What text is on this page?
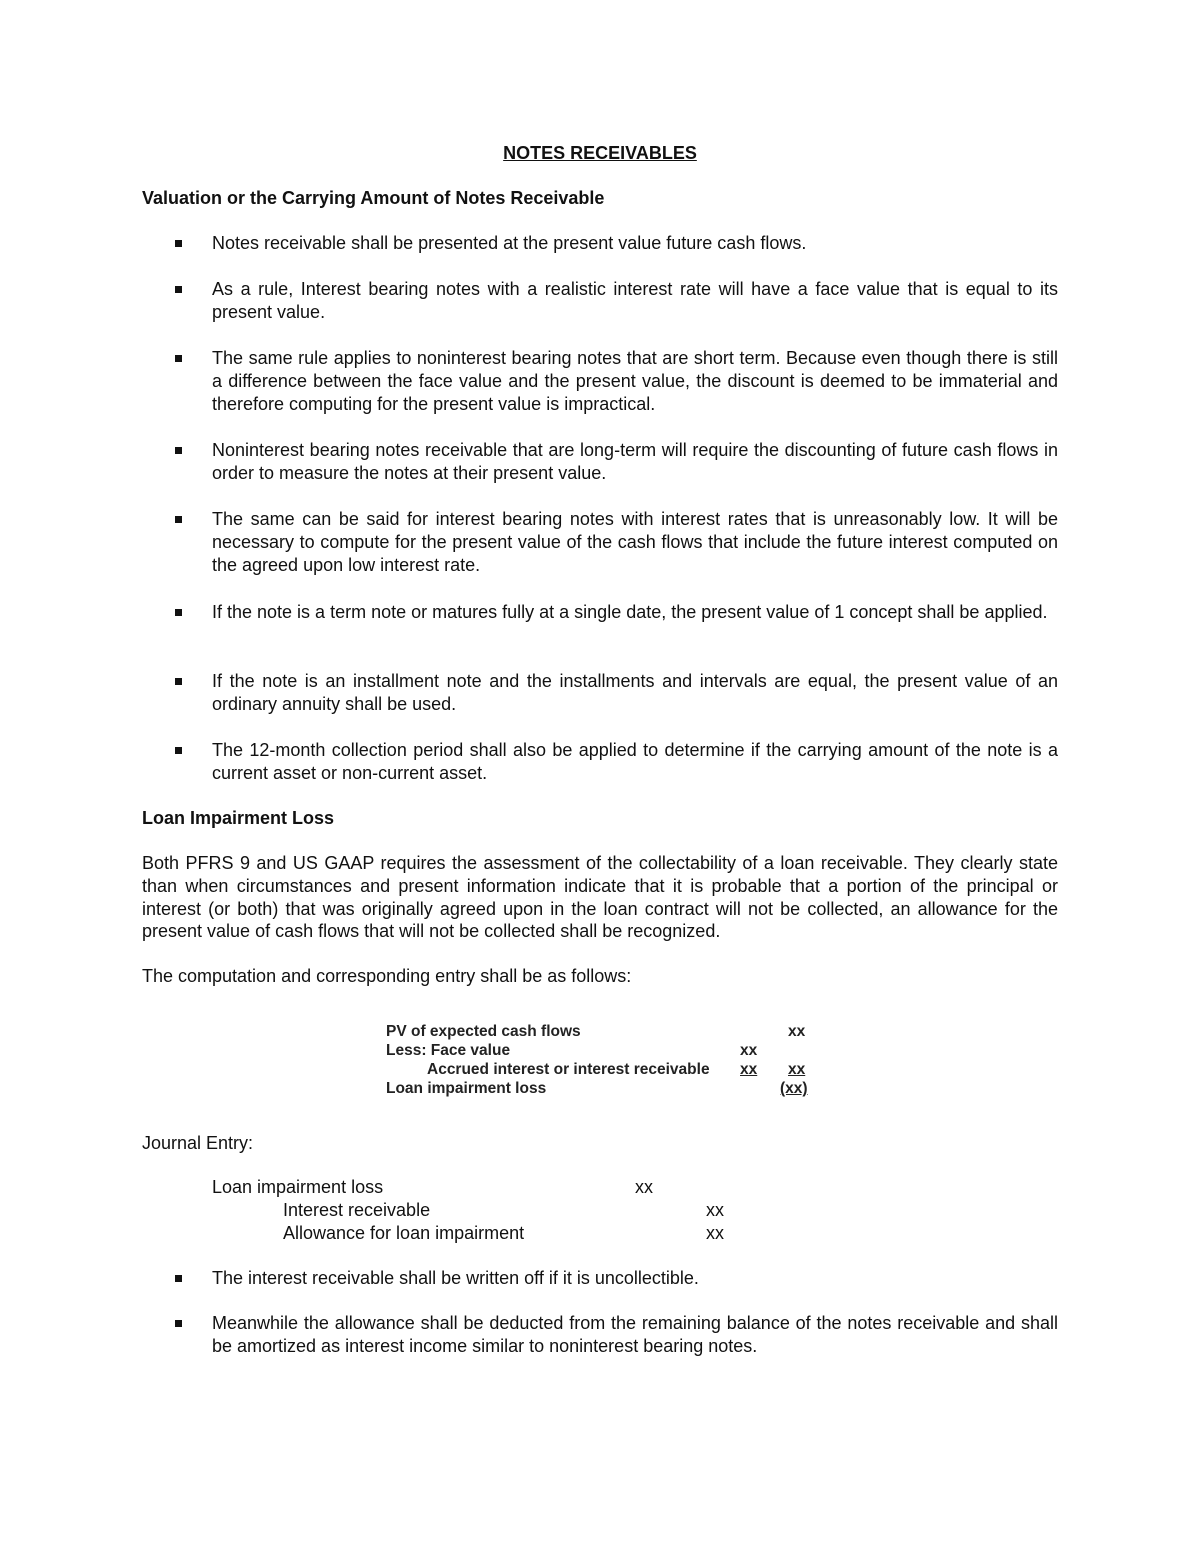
NOTES RECEIVABLES

Valuation or the Carrying Amount of Notes Receivable

Notes receivable shall be presented at the present value future cash flows.

As a rule, Interest bearing notes with a realistic interest rate will have a face value that is equal to its present value.

The same rule applies to noninterest bearing notes that are short term. Because even though there is still a difference between the face value and the present value, the discount is deemed to be immaterial and therefore computing for the present value is impractical.

Noninterest bearing notes receivable that are long-term will require the discounting of future cash flows in order to measure the notes at their present value.

The same can be said for interest bearing notes with interest rates that is unreasonably low. It will be necessary to compute for the present value of the cash flows that include the future interest computed on the agreed upon low interest rate.

If the note is a term note or matures fully at a single date, the present value of 1 concept shall be applied.

If the note is an installment note and the installments and intervals are equal, the present value of an ordinary annuity shall be used.

The 12-month collection period shall also be applied to determine if the carrying amount of the note is a current asset or non-current asset.

Loan Impairment Loss

Both PFRS 9 and US GAAP requires the assessment of the collectability of a loan receivable. They clearly state than when circumstances and present information indicate that it is probable that a portion of the principal or interest (or both) that was originally agreed upon in the loan contract will not be collected, an allowance for the present value of cash flows that will not be collected shall be recognized.

The computation and corresponding entry shall be as follows:

PV of expected cash flows	xx
Less: Face value	xx
Accrued interest or interest receivable xx xx
Loan impairment loss	(xx)

Journal Entry:

Loan impairment loss	xx
Interest receivable	xx
Allowance for loan impairment	xx

The interest receivable shall be written off if it is uncollectible.

Meanwhile the allowance shall be deducted from the remaining balance of the notes receivable and shall be amortized as interest income similar to noninterest bearing notes.
